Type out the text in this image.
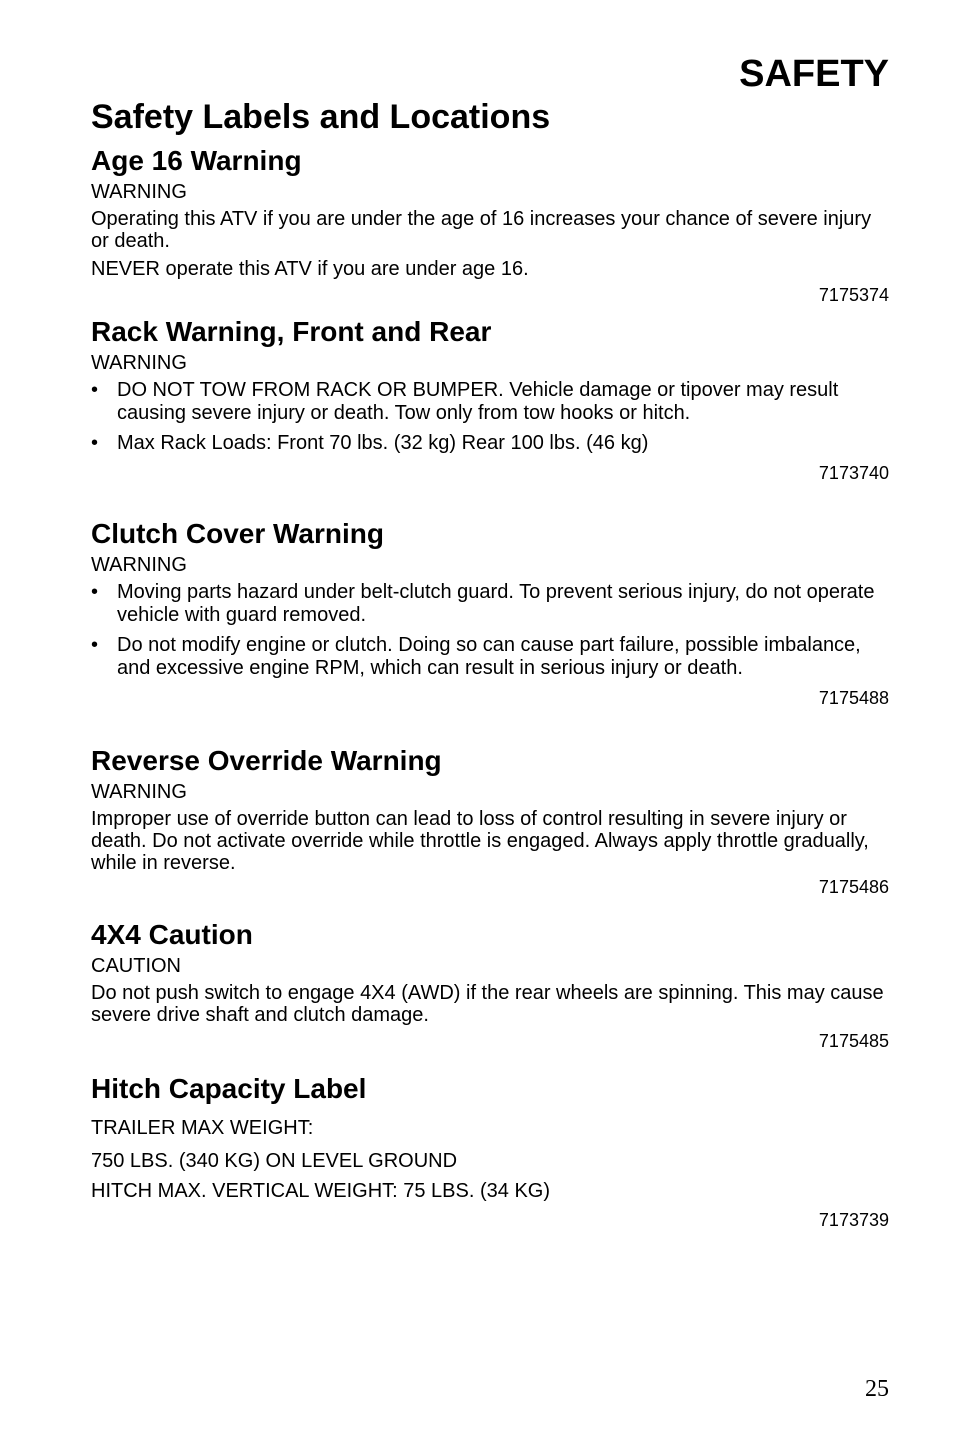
SAFETY
Safety Labels and Locations
Age 16 Warning
WARNING
Operating this ATV if you are under the age of 16 increases your chance of severe injury or death.
NEVER operate this ATV if you are under age 16.
7175374
Rack Warning, Front and Rear
WARNING
• DO NOT TOW FROM RACK OR BUMPER. Vehicle damage or tipover may result causing severe injury or death. Tow only from tow hooks or hitch.
• Max Rack Loads: Front 70 lbs. (32 kg) Rear 100 lbs. (46 kg)
7173740
Clutch Cover Warning
WARNING
• Moving parts hazard under belt-clutch guard. To prevent serious injury, do not operate vehicle with guard removed.
• Do not modify engine or clutch. Doing so can cause part failure, possible imbalance, and excessive engine RPM, which can result in serious injury or death.
7175488
Reverse Override Warning
WARNING
Improper use of override button can lead to loss of control resulting in severe injury or death. Do not activate override while throttle is engaged. Always apply throttle gradually, while in reverse.
7175486
4X4 Caution
CAUTION
Do not push switch to engage 4X4 (AWD) if the rear wheels are spinning. This may cause severe drive shaft and clutch damage.
7175485
Hitch Capacity Label
TRAILER MAX WEIGHT:
750 LBS. (340 KG) ON LEVEL GROUND
HITCH MAX. VERTICAL WEIGHT: 75 LBS. (34 KG)
7173739
25
